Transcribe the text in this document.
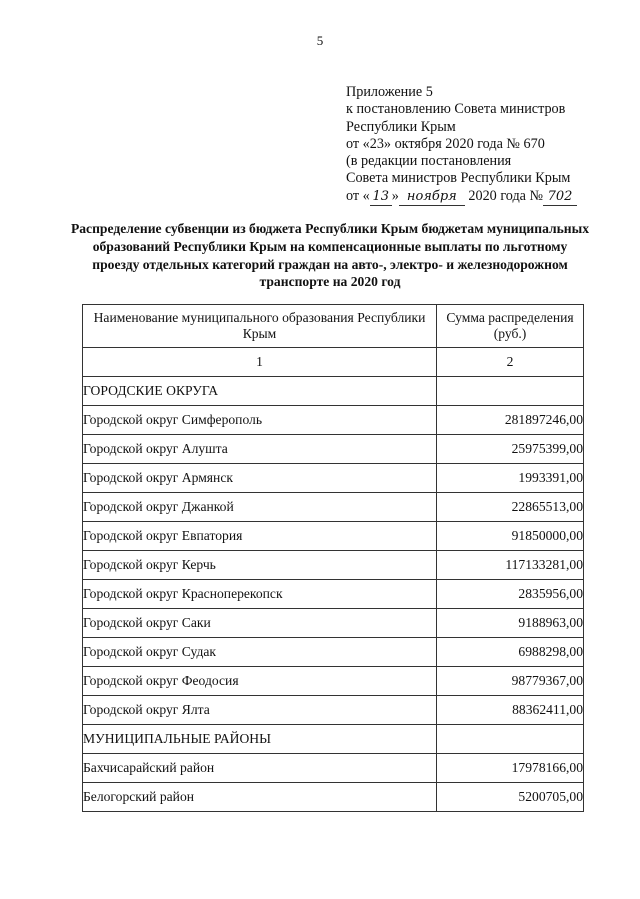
5
Приложение 5
к постановлению Совета министров
Республики Крым
от «23» октября 2020 года № 670
(в редакции постановления
Совета министров Республики Крым
от « 13 » ноября 2020 года № 702
Распределение субвенции из бюджета Республики Крым бюджетам муниципальных образований Республики Крым на компенсационные выплаты по льготному проезду отдельных категорий граждан на авто-, электро- и железнодорожном транспорте на 2020 год
Наименование муниципального образования Республики Крым	Сумма распределения (руб.)
1	2
ГОРОДСКИЕ ОКРУГА	
Городской округ Симферополь	281897246,00
Городской округ Алушта	25975399,00
Городской округ Армянск	1993391,00
Городской округ Джанкой	22865513,00
Городской округ Евпатория	91850000,00
Городской округ Керчь	117133281,00
Городской округ Красноперекопск	2835956,00
Городской округ Саки	9188963,00
Городской округ Судак	6988298,00
Городской округ Феодосия	98779367,00
Городской округ Ялта	88362411,00
МУНИЦИПАЛЬНЫЕ РАЙОНЫ	
Бахчисарайский район	17978166,00
Белогорский район	5200705,00
